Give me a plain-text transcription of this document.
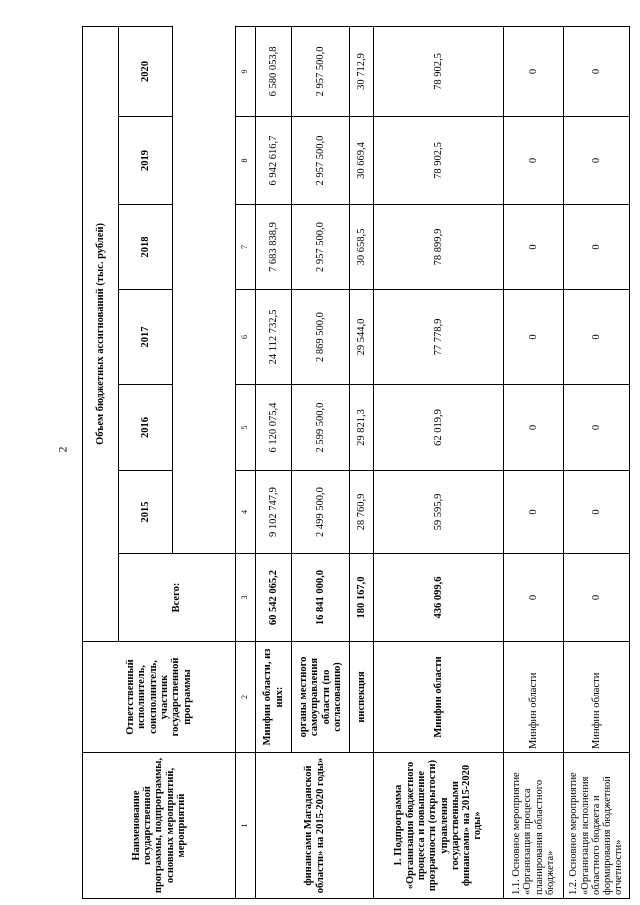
2
Наименование государственной программы, подпрограммы, основных мероприятий, мероприятий	Ответственный исполнитель, соисполнитель, участник государственной программы	Объем бюджетных ассигнований (тыс. рублей)						
		Всего:	2015	2016	2017	2018	2019	2020

1	2	3	4	5	6	7	8	9
финансами Магаданской области» на 2015-2020 годы»	Минфин области, из них:	60 542 065,2	9 102 747,9	6 120 075,4	24 112 732,5	7 683 838,9	6 942 616,7	6 580 053,8
	органы местного самоуправления области (по согласованию)	16 841 000,0	2 499 500,0	2 599 500,0	2 869 500,0	2 957 500,0	2 957 500,0	2 957 500,0
	инспекция	180 167,0	28 760,9	29 821,3	29 544,0	30 658,5	30 669,4	30 712,9
1. Подпрограмма «Организация бюджетного процесса и повышение прозрачности (открытости) управления государственными финансами» на 2015-2020 годы»	Минфин области	436 099,6	59 595,9	62 019,9	77 778,9	78 899,9	78 902,5	78 902,5
1.1. Основное мероприятие «Организация процесса планирования областного бюджета»	Минфин области	0	0	0	0	0	0	0
1.2. Основное мероприятие «Организация исполнения областного бюджета и формирования бюджетной отчетности»	Минфин области	0	0	0	0	0	0	0
